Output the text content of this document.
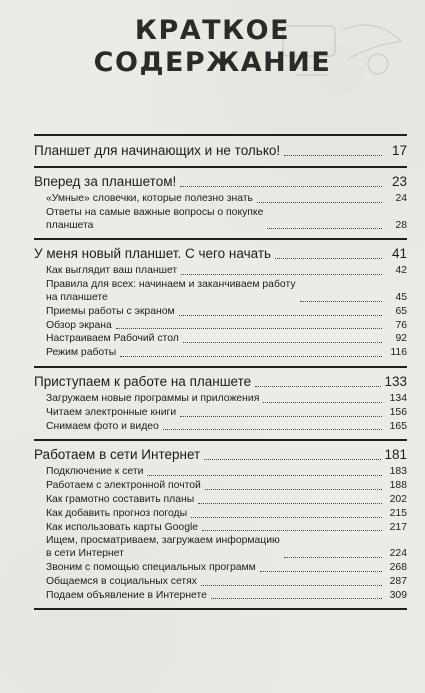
КРАТКОЕ
СОДЕРЖАНИЕ
Планшет для начинающих и не только!	17
Вперед за планшетом!	23
«Умные» словечки, которые полезно знать	24
Ответы на самые важные вопросы о покупке
планшета	28
У меня новый планшет. С чего начать	41
Как выглядит ваш планшет	42
Правила для всех: начинаем и заканчиваем работу
на планшете	45
Приемы работы с экраном	65
Обзор экрана	76
Настраиваем Рабочий стол	92
Режим работы	116
Приступаем к работе на планшете	133
Загружаем новые программы и приложения	134
Читаем электронные книги	156
Снимаем фото и видео	165
Работаем в сети Интернет	181
Подключение к сети	183
Работаем с электронной почтой	188
Как грамотно составить планы	202
Как добавить прогноз погоды	215
Как использовать карты Google	217
Ищем, просматриваем, загружаем информацию
в сети Интернет	224
Звоним с помощью специальных программ	268
Общаемся в социальных сетях	287
Подаем объявление в Интернете	309
